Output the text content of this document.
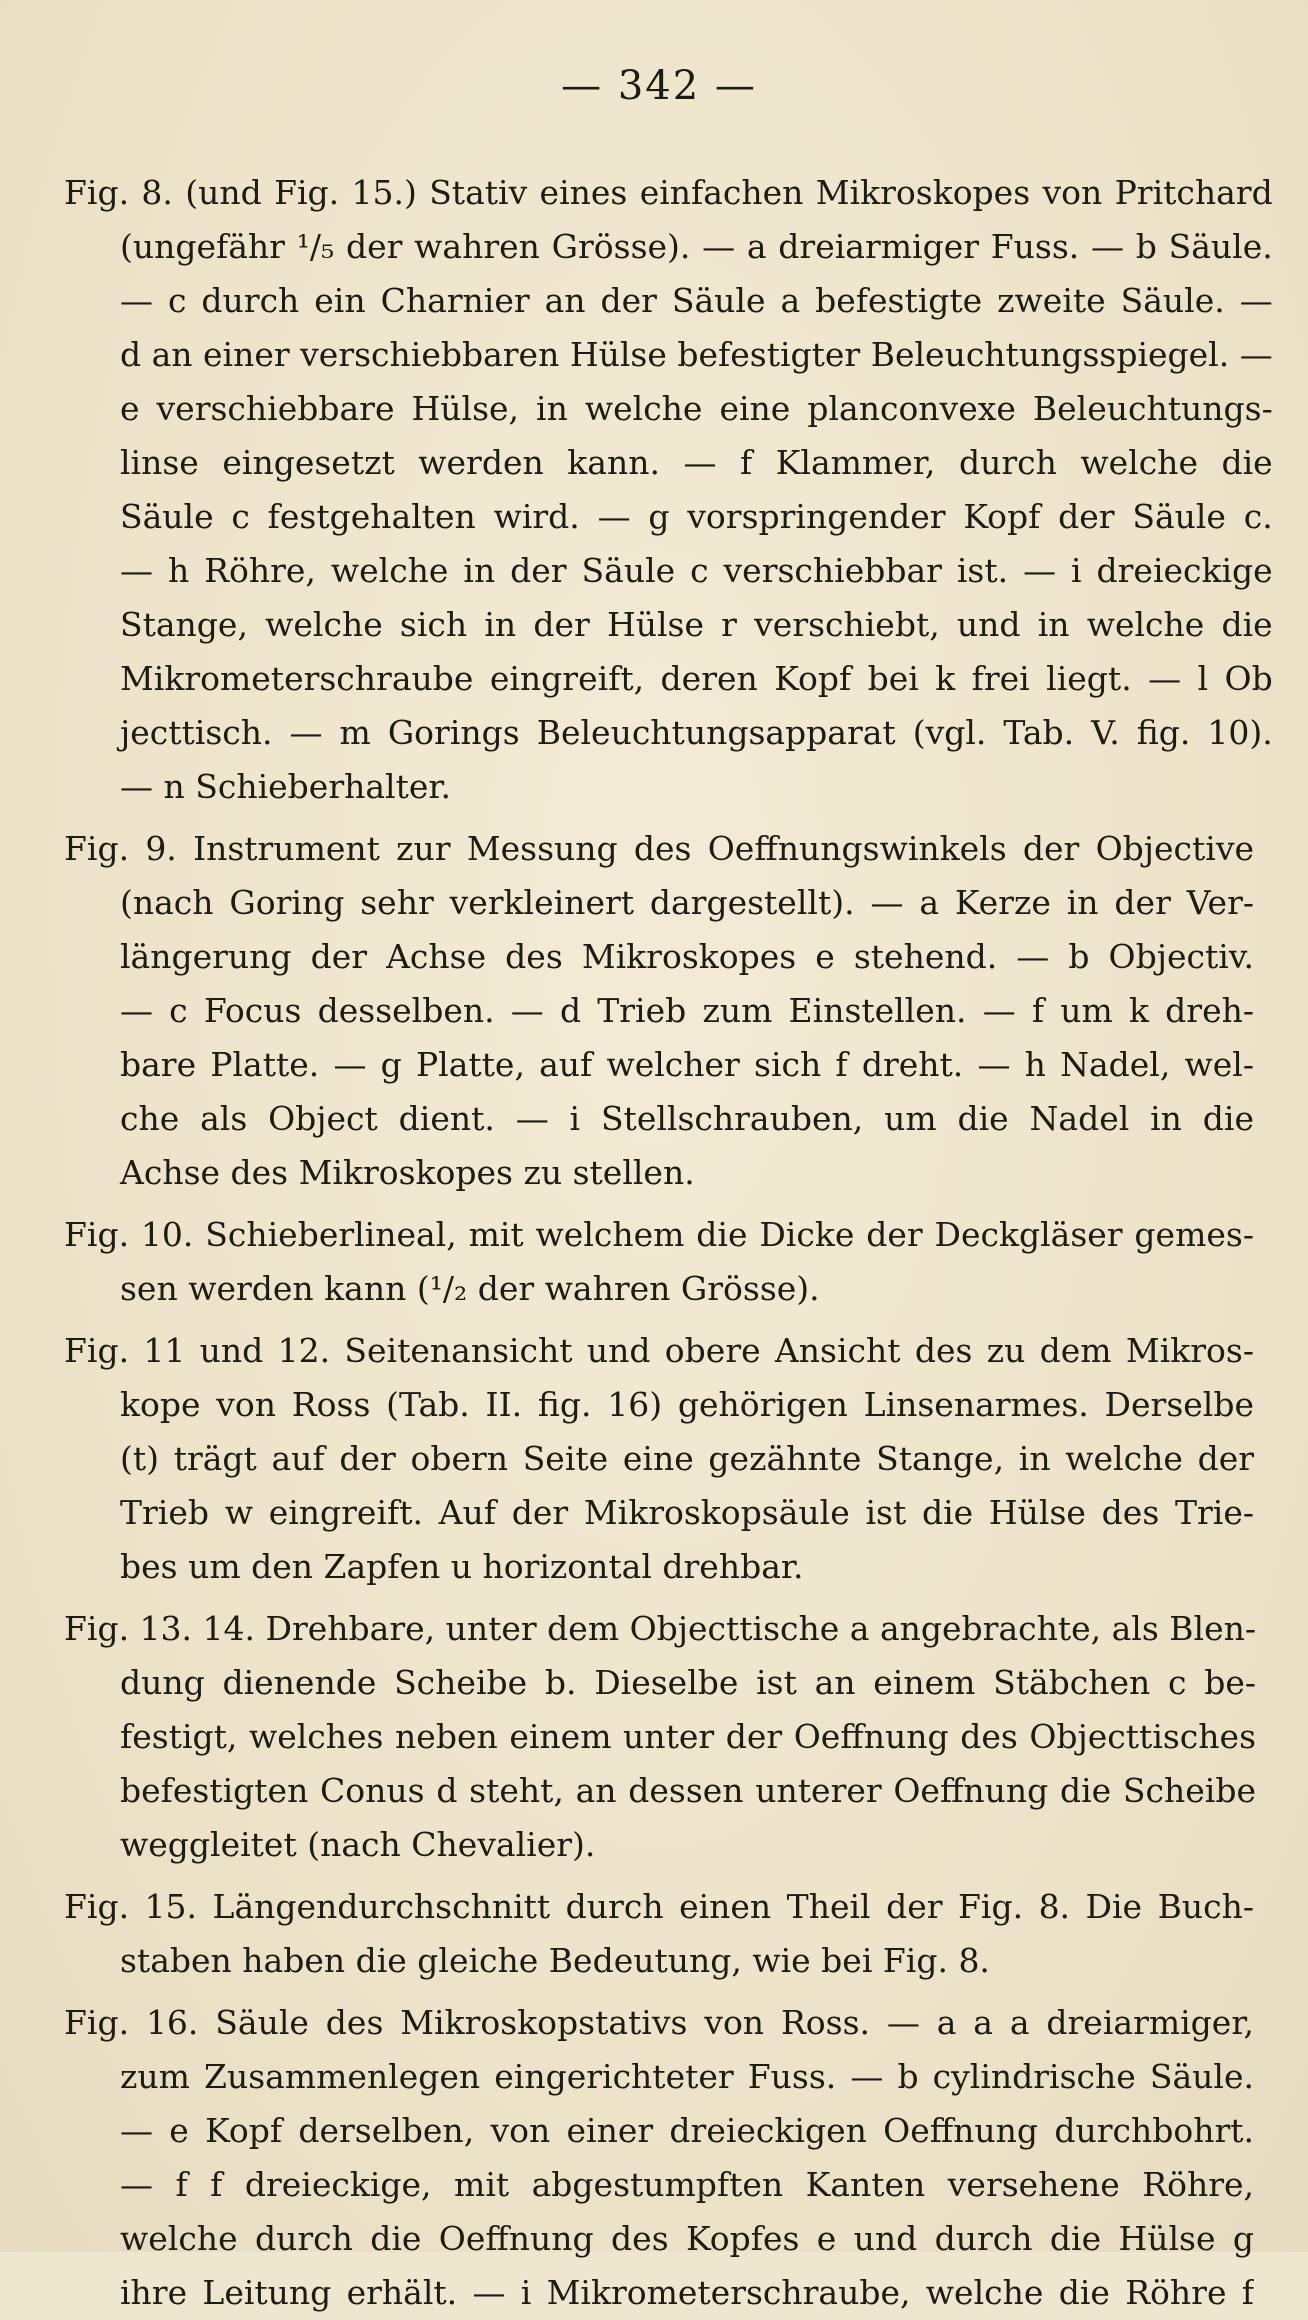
— 342 —
Fig. 8. (und Fig. 15.) Stativ eines einfachen Mikroskopes von Pritchard
(ungefähr ¹/₅ der wahren Grösse). — a dreiarmiger Fuss. — b Säule.
— c durch ein Charnier an der Säule a befestigte zweite Säule. —
d an einer verschiebbaren Hülse befestigter Beleuchtungsspiegel. —
e verschiebbare Hülse, in welche eine planconvexe Beleuchtungs-
linse eingesetzt werden kann. — f Klammer, durch welche die
Säule c festgehalten wird. — g vorspringender Kopf der Säule c.
— h Röhre, welche in der Säule c verschiebbar ist. — i dreieckige
Stange, welche sich in der Hülse r verschiebt, und in welche die
Mikrometerschraube eingreift, deren Kopf bei k frei liegt. — l Ob
jecttisch. — m Gorings Beleuchtungsapparat (vgl. Tab. V. fig. 10).
— n Schieberhalter.
Fig. 9. Instrument zur Messung des Oeffnungswinkels der Objective
(nach Goring sehr verkleinert dargestellt). — a Kerze in der Ver-
längerung der Achse des Mikroskopes e stehend. — b Objectiv.
— c Focus desselben. — d Trieb zum Einstellen. — f um k dreh-
bare Platte. — g Platte, auf welcher sich f dreht. — h Nadel, wel-
che als Object dient. — i Stellschrauben, um die Nadel in die
Achse des Mikroskopes zu stellen.
Fig. 10. Schieberlineal, mit welchem die Dicke der Deckgläser gemes-
sen werden kann (¹/₂ der wahren Grösse).
Fig. 11 und 12. Seitenansicht und obere Ansicht des zu dem Mikros-
kope von Ross (Tab. II. fig. 16) gehörigen Linsenarmes. Derselbe
(t) trägt auf der obern Seite eine gezähnte Stange, in welche der
Trieb w eingreift. Auf der Mikroskopsäule ist die Hülse des Trie-
bes um den Zapfen u horizontal drehbar.
Fig. 13. 14. Drehbare, unter dem Objecttische a angebrachte, als Blen-
dung dienende Scheibe b. Dieselbe ist an einem Stäbchen c be-
festigt, welches neben einem unter der Oeffnung des Objecttisches
befestigten Conus d steht, an dessen unterer Oeffnung die Scheibe
weggleitet (nach Chevalier).
Fig. 15. Längendurchschnitt durch einen Theil der Fig. 8. Die Buch-
staben haben die gleiche Bedeutung, wie bei Fig. 8.
Fig. 16. Säule des Mikroskopstativs von Ross. — a a a dreiarmiger,
zum Zusammenlegen eingerichteter Fuss. — b cylindrische Säule.
— e Kopf derselben, von einer dreieckigen Oeffnung durchbohrt.
— f f dreieckige, mit abgestumpften Kanten versehene Röhre,
welche durch die Oeffnung des Kopfes e und durch die Hülse g
ihre Leitung erhält. — i Mikrometerschraube, welche die Röhre f
